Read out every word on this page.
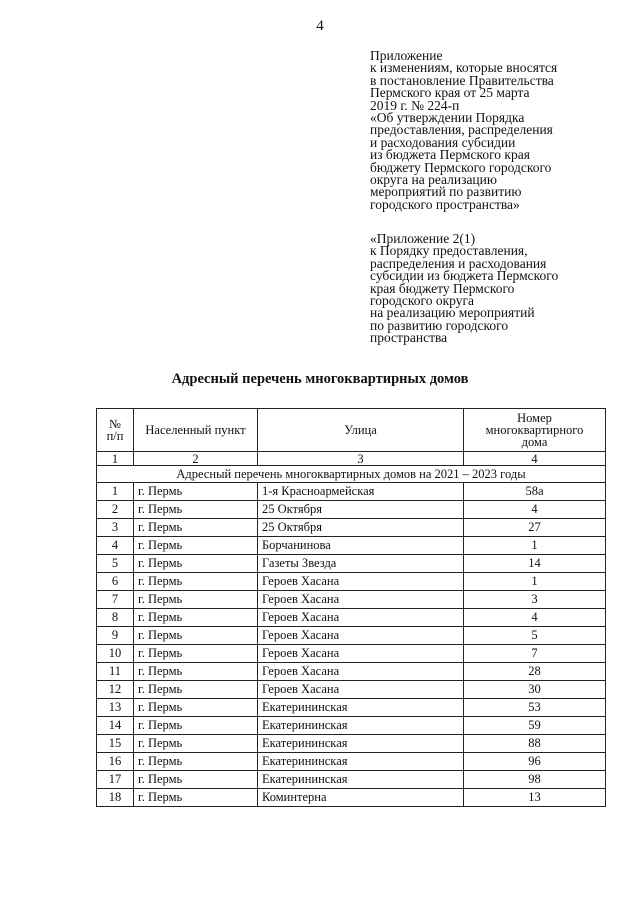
4
Приложение
к изменениям, которые вносятся
в постановление Правительства
Пермского края от 25 марта
2019 г. № 224-п
«Об утверждении Порядка
предоставления, распределения
и расходования субсидии
из бюджета Пермского края
бюджету Пермского городского
округа на реализацию
мероприятий по развитию
городского пространства»
«Приложение 2(1)
к Порядку предоставления,
распределения и расходования
субсидии из бюджета Пермского
края бюджету Пермского
городского округа
на реализацию мероприятий
по развитию городского
пространства
Адресный перечень многоквартирных домов
№
п/п	Населенный пункт	Улица	Номер
многоквартирного
дома
1	2	3	4
Адресный перечень многоквартирных домов на 2021 – 2023 годы			
1	г. Пермь	1-я Красноармейская	58а
2	г. Пермь	25 Октября	4
3	г. Пермь	25 Октября	27
4	г. Пермь	Борчанинова	1
5	г. Пермь	Газеты Звезда	14
6	г. Пермь	Героев Хасана	1
7	г. Пермь	Героев Хасана	3
8	г. Пермь	Героев Хасана	4
9	г. Пермь	Героев Хасана	5
10	г. Пермь	Героев Хасана	7
11	г. Пермь	Героев Хасана	28
12	г. Пермь	Героев Хасана	30
13	г. Пермь	Екатерининская	53
14	г. Пермь	Екатерининская	59
15	г. Пермь	Екатерининская	88
16	г. Пермь	Екатерининская	96
17	г. Пермь	Екатерининская	98
18	г. Пермь	Коминтерна	13
